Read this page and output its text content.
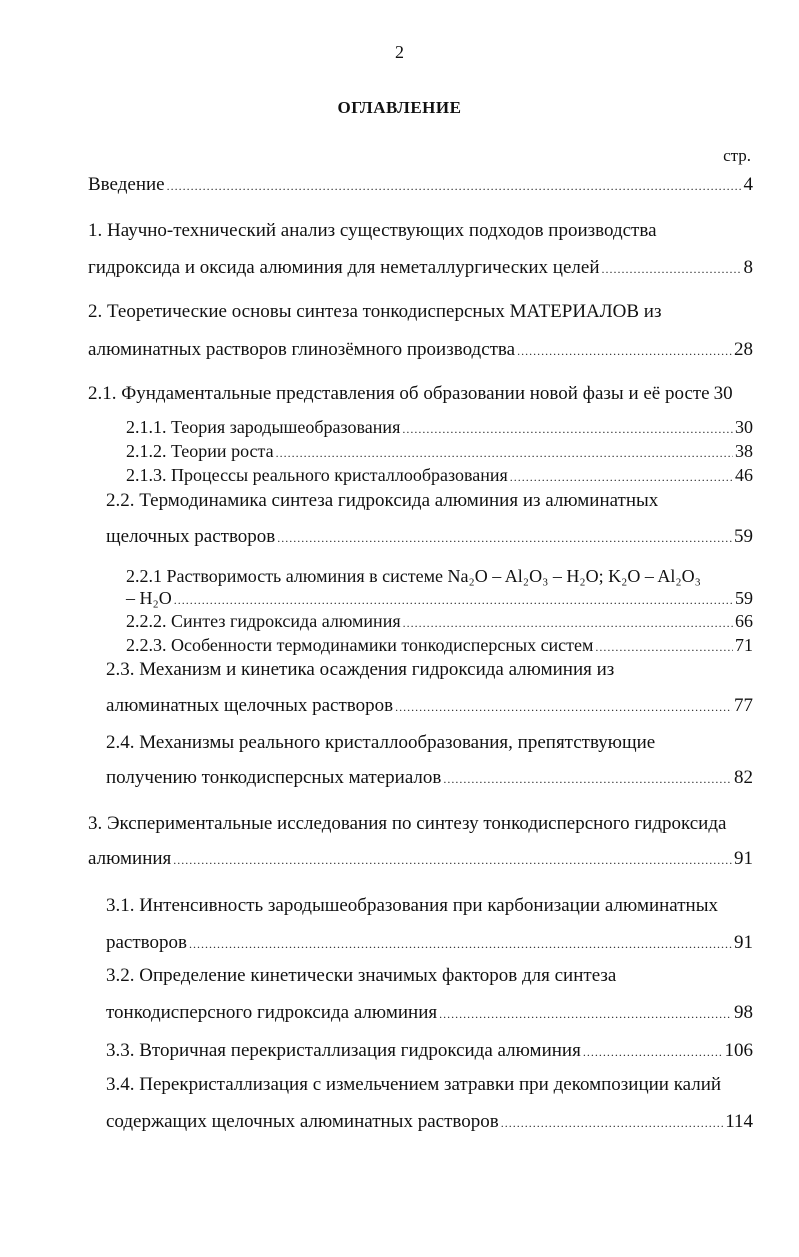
2
ОГЛАВЛЕНИЕ
стр.
Введение .....	4
1. Научно-технический анализ существующих подходов производства
гидроксида и оксида алюминия для неметаллургических целей .....	8
2. Теоретические основы синтеза тонкодисперсных МАТЕРИАЛОВ из
алюминатных растворов глинозёмного производства .....	28
2.1. Фундаментальные представления об образовании новой фазы и её росте 30
2.1.1. Теория зародышеобразования .....	30
2.1.2. Теории роста .....	38
2.1.3. Процессы реального кристаллообразования .....	46
2.2. Термодинамика синтеза гидроксида алюминия из алюминатных
щелочных растворов .....	59
2.2.1 Растворимость алюминия в системе Na₂O – Al₂O₃ – H₂O; K₂O – Al₂O₃
– H₂O .....	59
2.2.2. Синтез гидроксида алюминия .....	66
2.2.3. Особенности термодинамики тонкодисперсных систем .....	71
2.3. Механизм и кинетика осаждения гидроксида алюминия из
алюминатных щелочных растворов .....	77
2.4. Механизмы реального кристаллообразования, препятствующие
получению тонкодисперсных материалов .....	82
3. Экспериментальные исследования по синтезу тонкодисперсного гидроксида
алюминия .....	91
3.1. Интенсивность зародышеобразования при карбонизации алюминатных
растворов .....	91
3.2. Определение кинетически значимых факторов для синтеза
тонкодисперсного гидроксида алюминия .....	98
3.3. Вторичная перекристаллизация гидроксида алюминия .....	106
3.4. Перекристаллизация с измельчением затравки при декомпозиции калий
содержащих щелочных алюминатных растворов .....	114
